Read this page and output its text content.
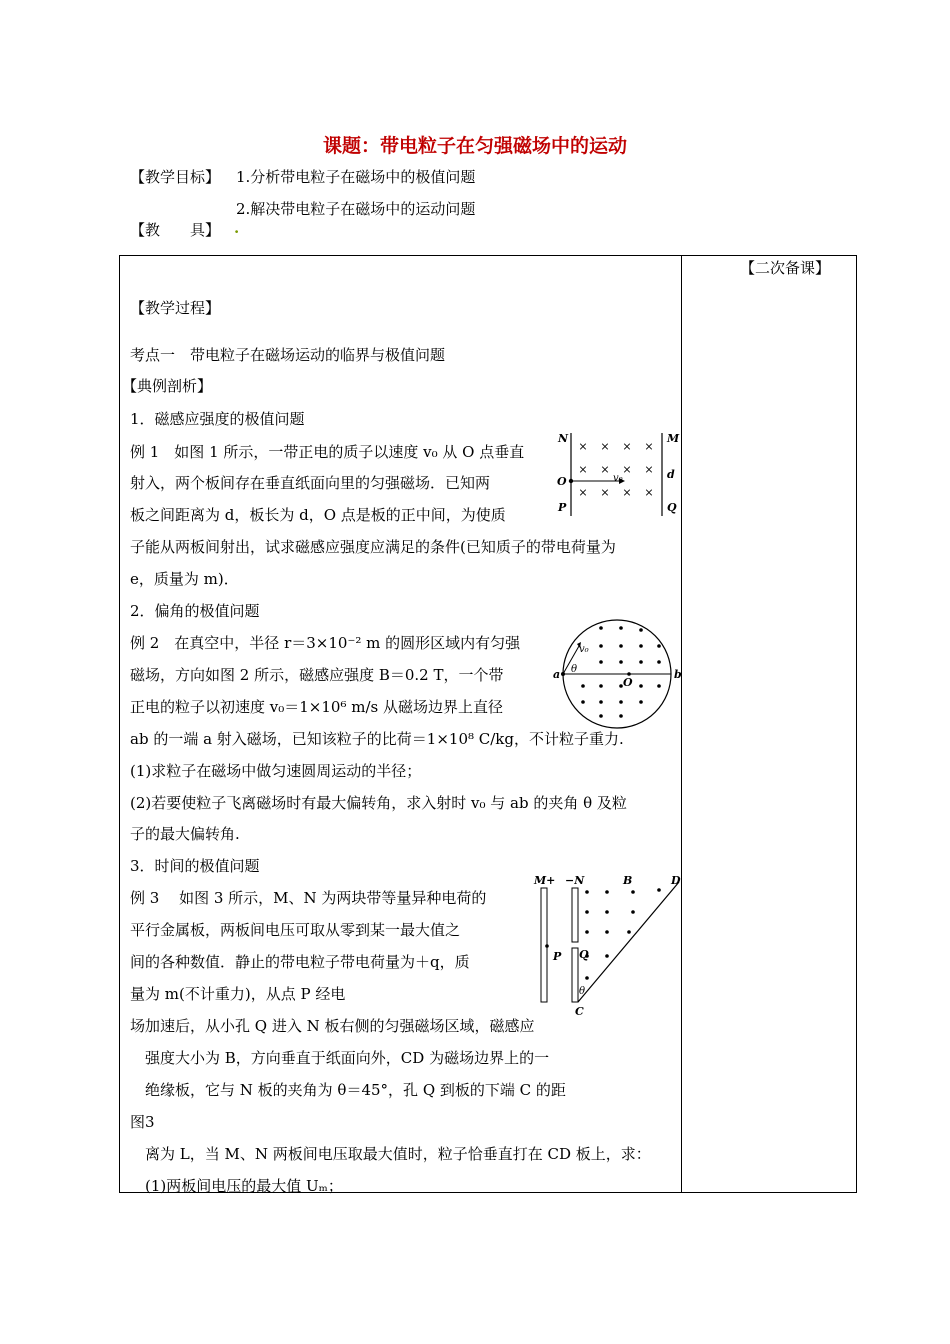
课题：带电粒子在匀强磁场中的运动
【教学目标】 1.分析带电粒子在磁场中的极值问题
2.解决带电粒子在磁场中的运动问题
【教　　具】 .
【二次备课】
【教学过程】
考点一　带电粒子在磁场运动的临界与极值问题
【典例剖析】
1．磁感应强度的极值问题
例 1　如图 1 所示，一带正电的质子以速度 v₀ 从 O 点垂直
射入，两个板间存在垂直纸面向里的匀强磁场．已知两
板之间距离为 d，板长为 d，O 点是板的正中间，为使质
子能从两板间射出，试求磁感应强度应满足的条件(已知质子的带电荷量为
e，质量为 m)．
2．偏角的极值问题
例 2　在真空中，半径 r＝3×10⁻² m 的圆形区域内有匀强
磁场，方向如图 2 所示，磁感应强度 B＝0.2 T，一个带
正电的粒子以初速度 v₀＝1×10⁶ m/s 从磁场边界上直径
ab 的一端 a 射入磁场，已知该粒子的比荷＝1×10⁸ C/kg，不计粒子重力.
(1)求粒子在磁场中做匀速圆周运动的半径；
(2)若要使粒子飞离磁场时有最大偏转角，求入射时 v₀ 与 ab 的夹角 θ 及粒
子的最大偏转角.
3．时间的极值问题
例 3　 如图 3 所示，M、N 为两块带等量异种电荷的
平行金属板，两板间电压可取从零到某一最大值之
间的各种数值．静止的带电粒子带电荷量为＋q，质
量为 m(不计重力)，从点 P 经电
场加速后，从小孔 Q 进入 N 板右侧的匀强磁场区域，磁感应
强度大小为 B，方向垂直于纸面向外，CD 为磁场边界上的一
绝缘板，它与 N 板的夹角为 θ＝45°，孔 Q 到板的下端 C 的距
图3
离为 L，当 M、N 两板间电压取最大值时，粒子恰垂直打在 CD 板上，求：
(1)两板间电压的最大值 Uₘ；
× × × ×
× × × ×
× × × ×
N	M
O
P	Q
d
v₀
a	b
O
v₀
θ
M+ −N	B	D
P Q
C
θ
